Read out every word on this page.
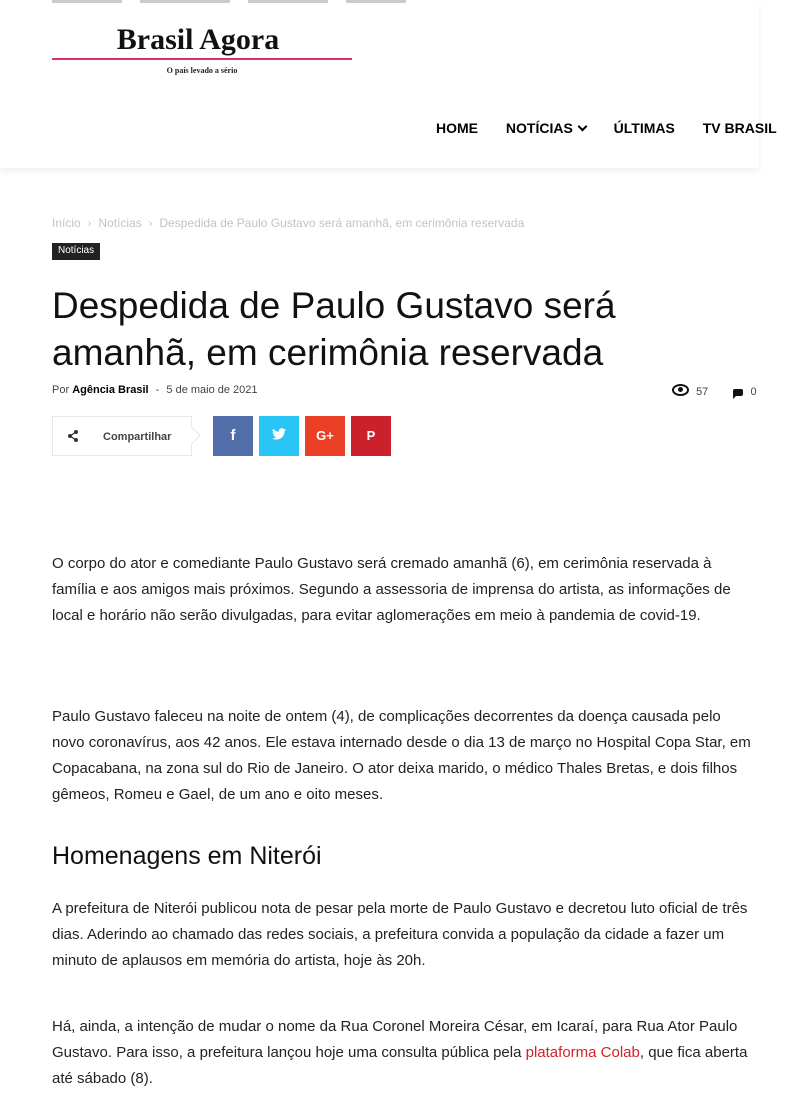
Brasil Agora
O país levado a sério
HOME NOTÍCIAS	ÚLTIMAS TV BRASIL
Início › Notícias › Despedida de Paulo Gustavo será amanhã, em cerimônia reservada
Notícias
Despedida de Paulo Gustavo será amanhã, em cerimônia reservada
Por Agência Brasil - 5 de maio de 2021	57	0
Compartilhar	f	G+	P

O corpo do ator e comediante Paulo Gustavo será cremado amanhã (6), em cerimônia reservada à família e aos amigos mais próximos. Segundo a assessoria de imprensa do artista, as informações de local e horário não serão divulgadas, para evitar aglomerações em meio à pandemia de covid-19.

Paulo Gustavo faleceu na noite de ontem (4), de complicações decorrentes da doença causada pelo novo coronavírus, aos 42 anos. Ele estava internado desde o dia 13 de março no Hospital Copa Star, em Copacabana, na zona sul do Rio de Janeiro. O ator deixa marido, o médico Thales Bretas, e dois filhos gêmeos, Romeu e Gael, de um ano e oito meses.

Homenagens em Niterói

A prefeitura de Niterói publicou nota de pesar pela morte de Paulo Gustavo e decretou luto oficial de três dias. Aderindo ao chamado das redes sociais, a prefeitura convida a população da cidade a fazer um minuto de aplausos em memória do artista, hoje às 20h.

Há, ainda, a intenção de mudar o nome da Rua Coronel Moreira César, em Icaraí, para Rua Ator Paulo Gustavo. Para isso, a prefeitura lançou hoje uma consulta pública pela plataforma Colab, que fica aberta até sábado (8).
